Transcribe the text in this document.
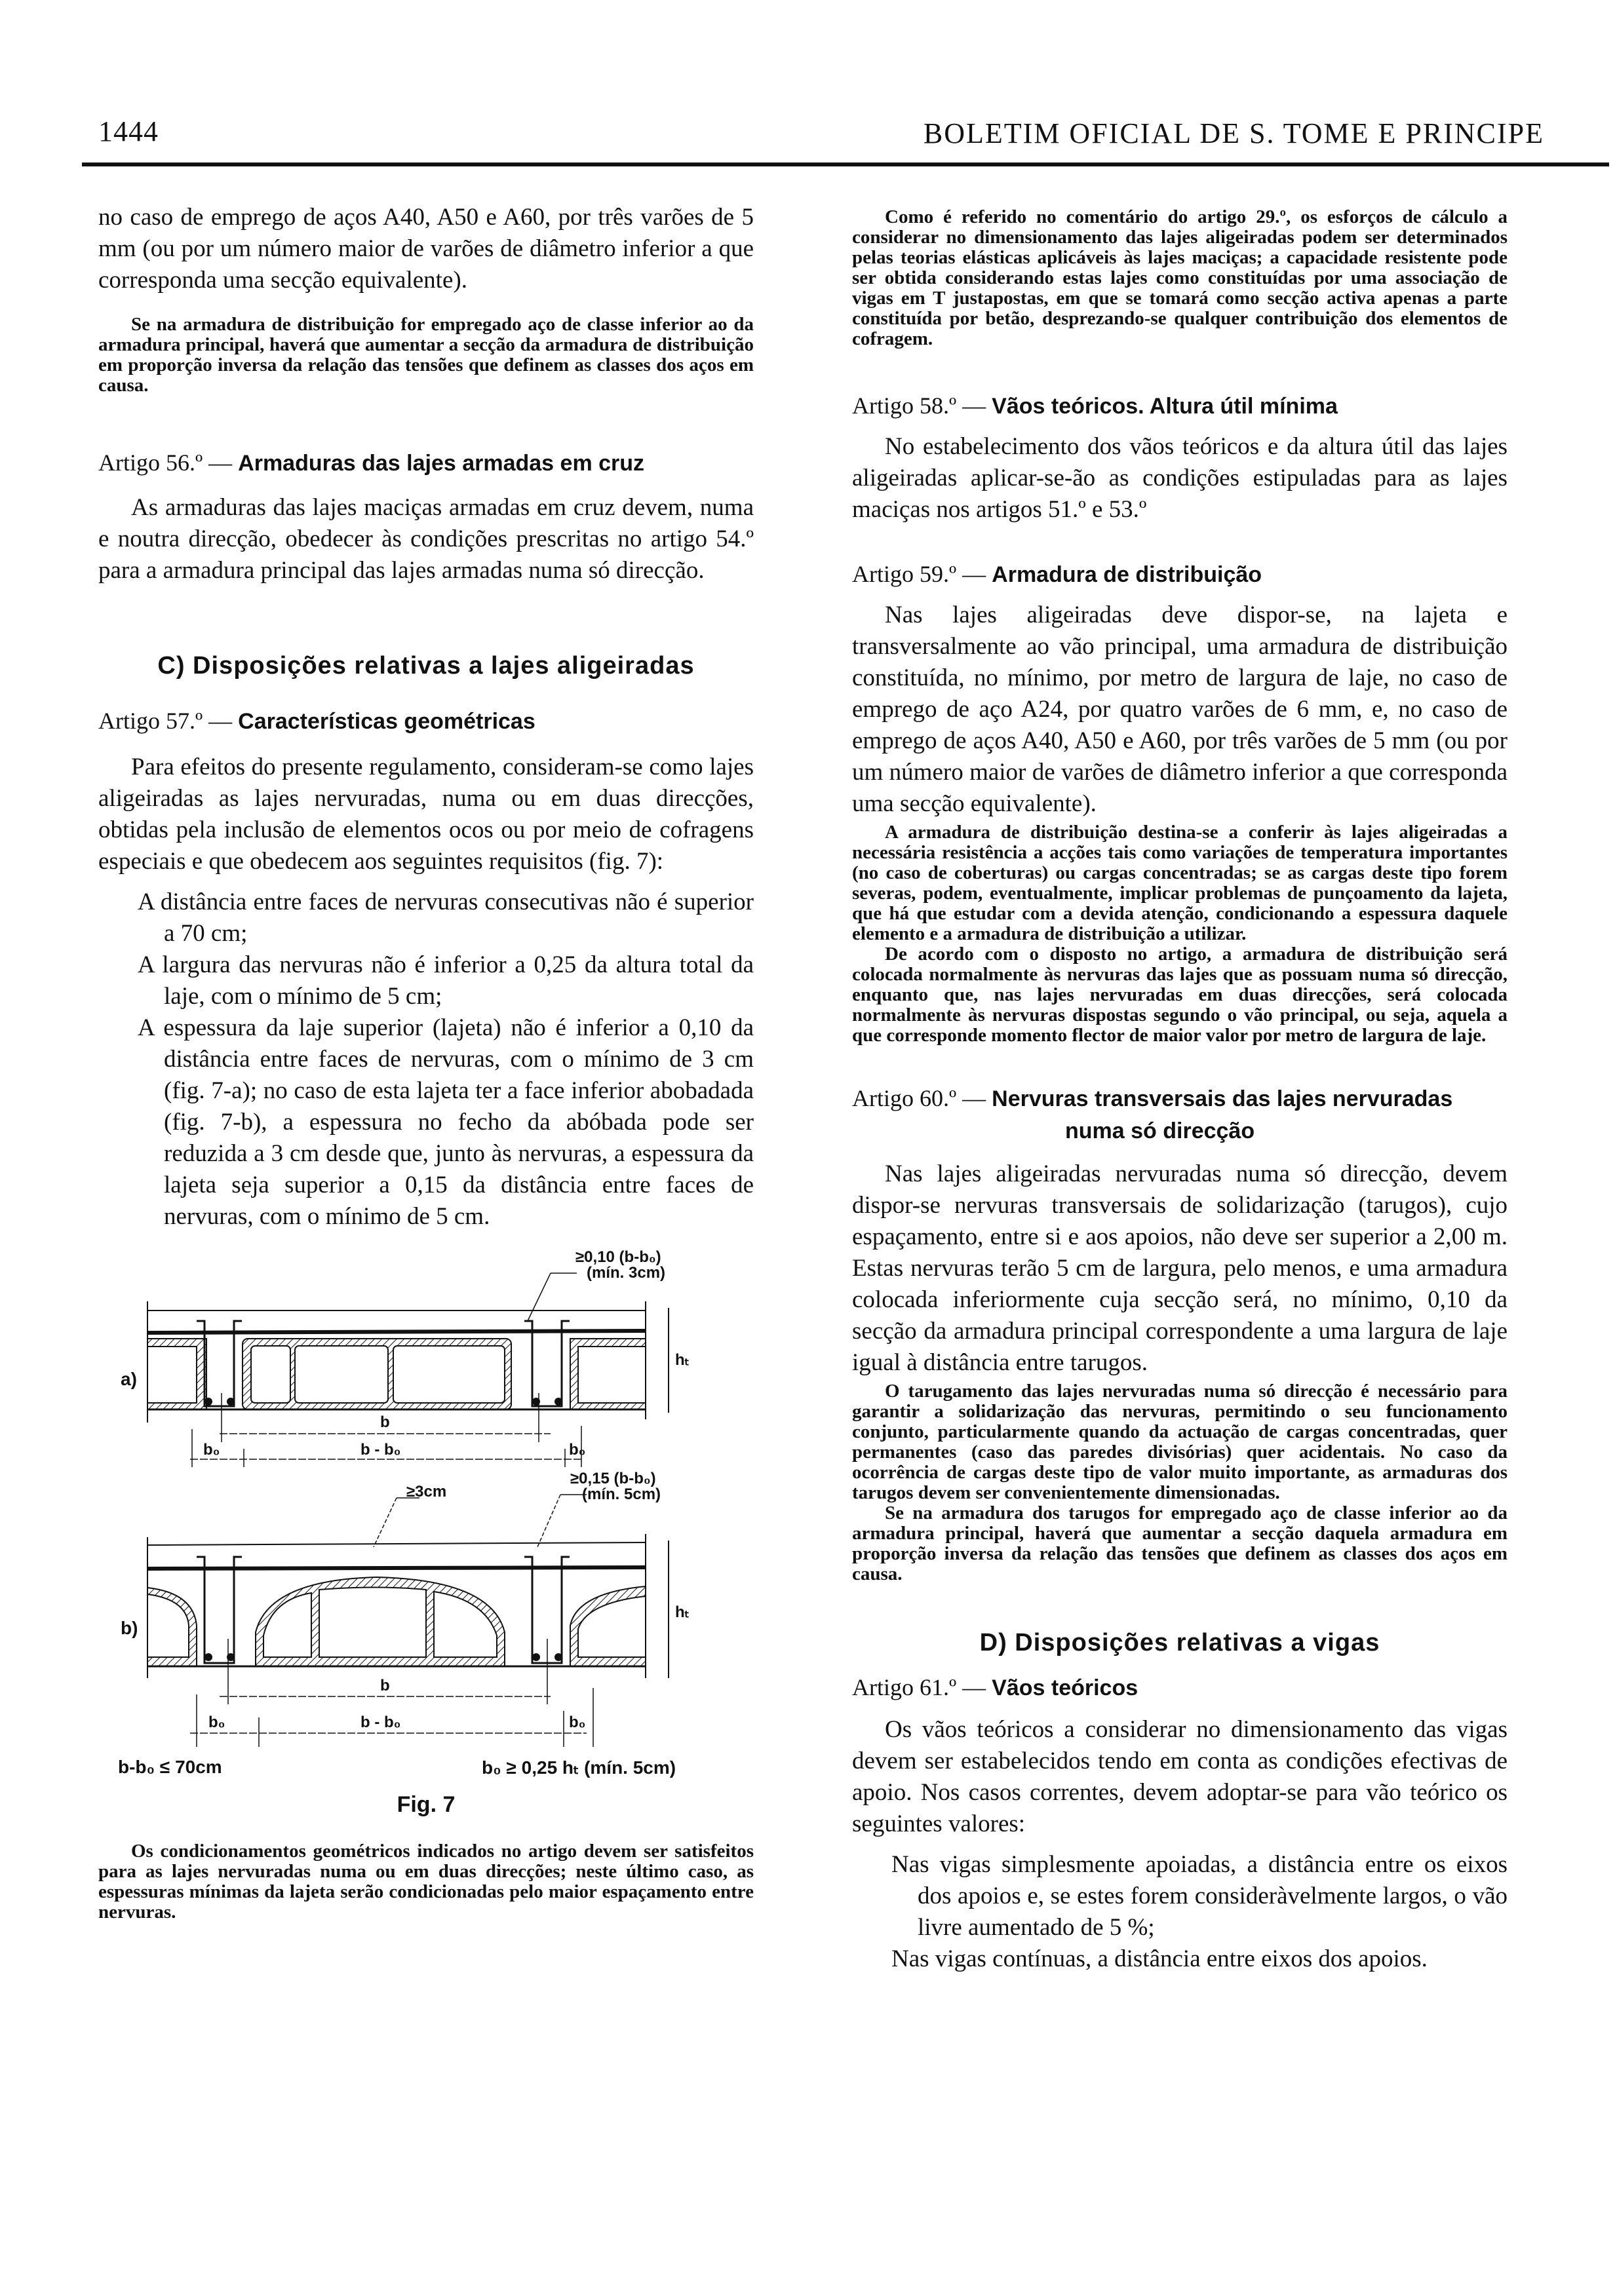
1444	BOLETIM OFICIAL DE S. TOME E PRINCIPE

no caso de emprego de aços A40, A50 e A60, por três varões de 5 mm (ou por um número maior de varões de diâmetro inferior a que corresponda uma secção equivalente).

Se na armadura de distribuição for empregado aço de classe inferior ao da armadura principal, haverá que aumentar a secção da armadura de distribuição em proporção inversa da relação das tensões que definem as classes dos aços em causa.

Artigo 56.º — Armaduras das lajes armadas em cruz

As armaduras das lajes maciças armadas em cruz devem, numa e noutra direcção, obedecer às condições prescritas no artigo 54.º para a armadura principal das lajes armadas numa só direcção.

C) Disposições relativas a lajes aligeiradas
Artigo 57.º — Características geométricas

Para efeitos do presente regulamento, consideram-se como lajes aligeiradas as lajes nervuradas, numa ou em duas direcções, obtidas pela inclusão de elementos ocos ou por meio de cofragens especiais e que obedecem aos seguintes requisitos (fig. 7):

A distância entre faces de nervuras consecutivas não é superior a 70 cm;

A largura das nervuras não é inferior a 0,25 da altura total da laje, com o mínimo de 5 cm;

A espessura da laje superior (lajeta) não é inferior a 0,10 da distância entre faces de nervuras, com o mínimo de 3 cm (fig. 7-a); no caso de esta lajeta ter a face inferior abobadada (fig. 7-b), a espessura no fecho da abóbada pode ser reduzida a 3 cm desde que, junto às nervuras, a espessura da lajeta seja superior a 0,15 da distância entre faces de nervuras, com o mínimo de 5 cm.

a)
b)
≥0,10 (b-b₀)
(mín. 3cm)
≥0,15 (b-b₀)
(mín. 5cm)
≥3cm
hₜ
hₜ
b
b₀	b - b₀	b₀
b
b₀	b - b₀	b₀
b-b₀ ≤ 70cm	b₀ ≥ 0,25 hₜ (mín. 5cm)
Fig. 7

Os condicionamentos geométricos indicados no artigo devem ser satisfeitos para as lajes nervuradas numa ou em duas direcções; neste último caso, as espessuras mínimas da lajeta serão condicionadas pelo maior espaçamento entre nervuras.

Como é referido no comentário do artigo 29.º, os esforços de cálculo a considerar no dimensionamento das lajes aligeiradas podem ser determinados pelas teorias elásticas aplicáveis às lajes maciças; a capacidade resistente pode ser obtida considerando estas lajes como constituídas por uma associação de vigas em T justapostas, em que se tomará como secção activa apenas a parte constituída por betão, desprezando-se qualquer contribuição dos elementos de cofragem.

Artigo 58.º — Vãos teóricos. Altura útil mínima

No estabelecimento dos vãos teóricos e da altura útil das lajes aligeiradas aplicar-se-ão as condições estipuladas para as lajes maciças nos artigos 51.º e 53.º

Artigo 59.º — Armadura de distribuição

Nas lajes aligeiradas deve dispor-se, na lajeta e transversalmente ao vão principal, uma armadura de distribuição constituída, no mínimo, por metro de largura de laje, no caso de emprego de aço A24, por quatro varões de 6 mm, e, no caso de emprego de aços A40, A50 e A60, por três varões de 5 mm (ou por um número maior de varões de diâmetro inferior a que corresponda uma secção equivalente).

A armadura de distribuição destina-se a conferir às lajes aligeiradas a necessária resistência a acções tais como variações de temperatura importantes (no caso de coberturas) ou cargas concentradas; se as cargas deste tipo forem severas, podem, eventualmente, implicar problemas de punçoamento da lajeta, que há que estudar com a devida atenção, condicionando a espessura daquele elemento e a armadura de distribuição a utilizar.

De acordo com o disposto no artigo, a armadura de distribuição será colocada normalmente às nervuras das lajes que as possuam numa só direcção, enquanto que, nas lajes nervuradas em duas direcções, será colocada normalmente às nervuras dispostas segundo o vão principal, ou seja, aquela a que corresponde momento flector de maior valor por metro de largura de laje.

Artigo 60.º — Nervuras transversais das lajes nervuradas
numa só direcção

Nas lajes aligeiradas nervuradas numa só direcção, devem dispor-se nervuras transversais de solidarização (tarugos), cujo espaçamento, entre si e aos apoios, não deve ser superior a 2,00 m. Estas nervuras terão 5 cm de largura, pelo menos, e uma armadura colocada inferiormente cuja secção será, no mínimo, 0,10 da secção da armadura principal correspondente a uma largura de laje igual à distância entre tarugos.

O tarugamento das lajes nervuradas numa só direcção é necessário para garantir a solidarização das nervuras, permitindo o seu funcionamento conjunto, particularmente quando da actuação de cargas concentradas, quer permanentes (caso das paredes divisórias) quer acidentais. No caso da ocorrência de cargas deste tipo de valor muito importante, as armaduras dos tarugos devem ser convenientemente dimensionadas.

Se na armadura dos tarugos for empregado aço de classe inferior ao da armadura principal, haverá que aumentar a secção daquela armadura em proporção inversa da relação das tensões que definem as classes dos aços em causa.

D) Disposições relativas a vigas
Artigo 61.º — Vãos teóricos

Os vãos teóricos a considerar no dimensionamento das vigas devem ser estabelecidos tendo em conta as condições efectivas de apoio. Nos casos correntes, devem adoptar-se para vão teórico os seguintes valores:

Nas vigas simplesmente apoiadas, a distância entre os eixos dos apoios e, se estes forem consideràvelmente largos, o vão livre aumentado de 5 %;

Nas vigas contínuas, a distância entre eixos dos apoios.
